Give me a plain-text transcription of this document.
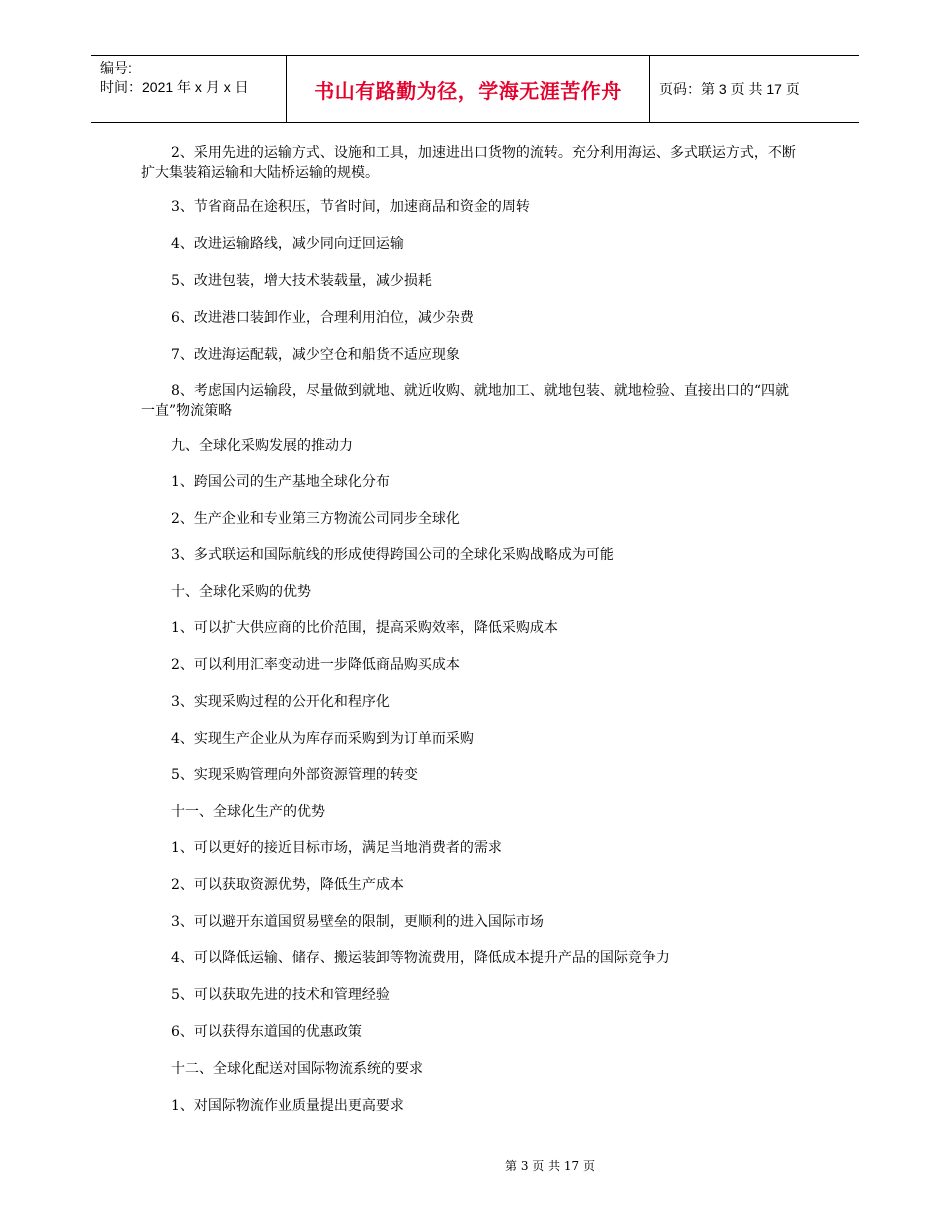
编号:
时间：2021 年 x 月 x 日	书山有路勤为径，学海无涯苦作舟	页码：第 3 页 共 17 页
2、采用先进的运输方式、设施和工具，加速进出口货物的流转。充分利用海运、多式联运方式，不断扩大集装箱运输和大陆桥运输的规模。
3、节省商品在途积压，节省时间，加速商品和资金的周转
4、改进运输路线，减少同向迂回运输
5、改进包装，增大技术装载量，减少损耗
6、改进港口装卸作业，合理利用泊位，减少杂费
7、改进海运配载，减少空仓和船货不适应现象
8、考虑国内运输段，尽量做到就地、就近收购、就地加工、就地包装、就地检验、直接出口的“四就一直”物流策略
九、全球化采购发展的推动力
1、跨国公司的生产基地全球化分布
2、生产企业和专业第三方物流公司同步全球化
3、多式联运和国际航线的形成使得跨国公司的全球化采购战略成为可能
十、全球化采购的优势
1、可以扩大供应商的比价范围，提高采购效率，降低采购成本
2、可以利用汇率变动进一步降低商品购买成本
3、实现采购过程的公开化和程序化
4、实现生产企业从为库存而采购到为订单而采购
5、实现采购管理向外部资源管理的转变
十一、全球化生产的优势
1、可以更好的接近目标市场，满足当地消费者的需求
2、可以获取资源优势，降低生产成本
3、可以避开东道国贸易壁垒的限制，更顺利的进入国际市场
4、可以降低运输、储存、搬运装卸等物流费用，降低成本提升产品的国际竞争力
5、可以获取先进的技术和管理经验
6、可以获得东道国的优惠政策
十二、全球化配送对国际物流系统的要求
1、对国际物流作业质量提出更高要求
第 3 页 共 17 页
